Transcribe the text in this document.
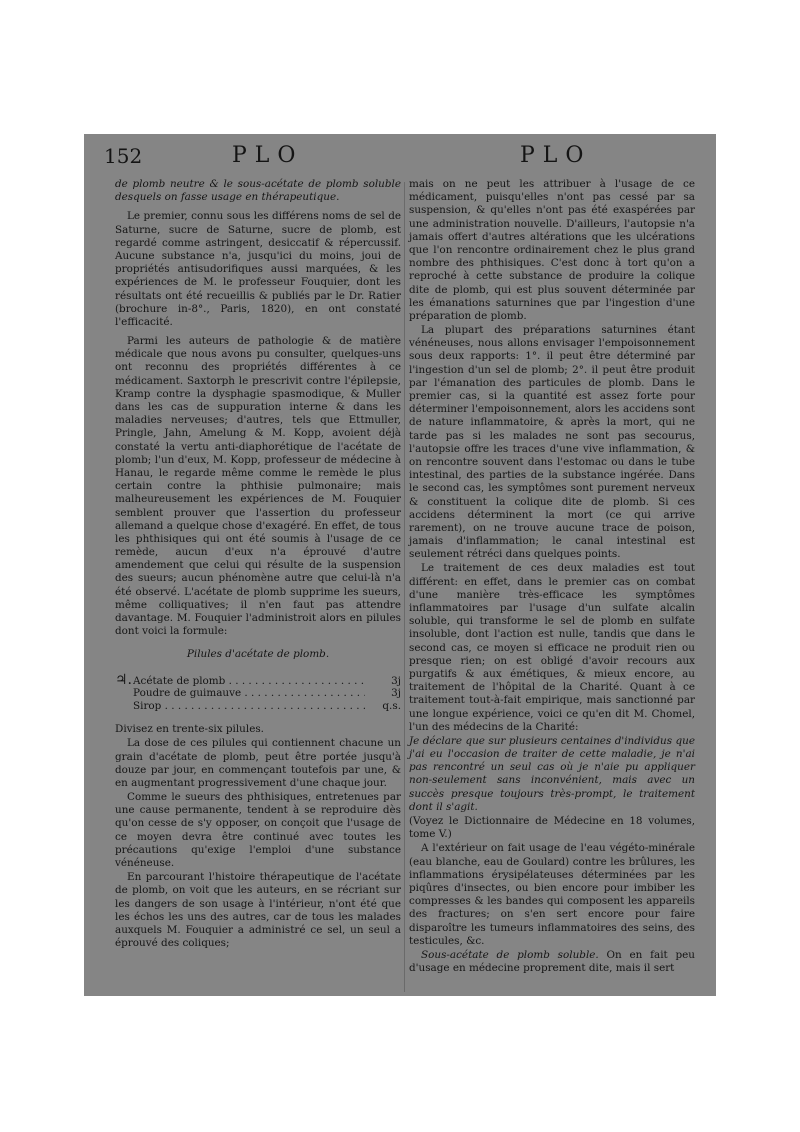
152	PLO	PLO

de plomb neutre & le sous-acétate de plomb soluble desquels on fasse usage en thérapeutique.

Le premier, connu sous les différens noms de sel de Saturne, sucre de Saturne, sucre de plomb, est regardé comme astringent, desiccatif & répercussif. Aucune substance n'a, jusqu'ici du moins, joui de propriétés antisudorifiques aussi marquées, & les expériences de M. le professeur Fouquier, dont les résultats ont été recueillis & publiés par le Dr. Ratier (brochure in-8°., Paris, 1820), en ont constaté l'efficacité.

Parmi les auteurs de pathologie & de matière médicale que nous avons pu consulter, quelques-uns ont reconnu des propriétés différentes à ce médicament. Saxtorph le prescrivit contre l'épilepsie, Kramp contre la dysphagie spasmodique, & Muller dans les cas de suppuration interne & dans les maladies nerveuses; d'autres, tels que Ettmuller, Pringle, Jahn, Amelung & M. Kopp, avoient déjà constaté la vertu anti-diaphorétique de l'acétate de plomb; l'un d'eux, M. Kopp, professeur de médecine à Hanau, le regarde même comme le remède le plus certain contre la phthisie pulmonaire; mais malheureusement les expériences de M. Fouquier semblent prouver que l'assertion du professeur allemand a quelque chose d'exagéré. En effet, de tous les phthisiques qui ont été soumis à l'usage de ce remède, aucun d'eux n'a éprouvé d'autre amendement que celui qui résulte de la suspension des sueurs; aucun phénomène autre que celui-là n'a été observé. L'acétate de plomb supprime les sueurs, même colliquatives; il n'en faut pas attendre davantage. M. Fouquier l'administroit alors en pilules dont voici la formule:

Pilules d'acétate de plomb.

♃. Acétate de plomb . . .	3j
Poudre de guimauve . . .	3j
Sirop . . .	q.s.

Divisez en trente-six pilules.

La dose de ces pilules qui contiennent chacune un grain d'acétate de plomb, peut être portée jusqu'à douze par jour, en commençant toutefois par une, & en augmentant progressivement d'une chaque jour.

Comme le sueurs des phthisiques, entretenues par une cause permanente, tendent à se reproduire dès qu'on cesse de s'y opposer, on conçoit que l'usage de ce moyen devra être continué avec toutes les précautions qu'exige l'emploi d'une substance vénéneuse.

En parcourant l'histoire thérapeutique de l'acétate de plomb, on voit que les auteurs, en se récriant sur les dangers de son usage à l'intérieur, n'ont été que les échos les uns des autres, car de tous les malades auxquels M. Fouquier a administré ce sel, un seul a éprouvé des coliques;

mais on ne peut les attribuer à l'usage de ce médicament, puisqu'elles n'ont pas cessé par sa suspension, & qu'elles n'ont pas été exaspérées par une administration nouvelle. D'ailleurs, l'autopsie n'a jamais offert d'autres altérations que les ulcérations que l'on rencontre ordinairement chez le plus grand nombre des phthisiques. C'est donc à tort qu'on a reproché à cette substance de produire la colique dite de plomb, qui est plus souvent déterminée par les émanations saturnines que par l'ingestion d'une préparation de plomb.

La plupart des préparations saturnines étant vénéneuses, nous allons envisager l'empoisonnement sous deux rapports: 1°. il peut être déterminé par l'ingestion d'un sel de plomb; 2°. il peut être produit par l'émanation des particules de plomb. Dans le premier cas, si la quantité est assez forte pour déterminer l'empoisonnement, alors les accidens sont de nature inflammatoire, & après la mort, qui ne tarde pas si les malades ne sont pas secourus, l'autopsie offre les traces d'une vive inflammation, & on rencontre souvent dans l'estomac ou dans le tube intestinal, des parties de la substance ingérée. Dans le second cas, les symptômes sont purement nerveux & constituent la colique dite de plomb. Si ces accidens déterminent la mort (ce qui arrive rarement), on ne trouve aucune trace de poison, jamais d'inflammation; le canal intestinal est seulement rétréci dans quelques points.

Le traitement de ces deux maladies est tout différent: en effet, dans le premier cas on combat d'une manière très-efficace les symptômes inflammatoires par l'usage d'un sulfate alcalin soluble, qui transforme le sel de plomb en sulfate insoluble, dont l'action est nulle, tandis que dans le second cas, ce moyen si efficace ne produit rien ou presque rien; on est obligé d'avoir recours aux purgatifs & aux émétiques, & mieux encore, au traitement de l'hôpital de la Charité. Quant à ce traitement tout-à-fait empirique, mais sanctionné par une longue expérience, voici ce qu'en dit M. Chomel, l'un des médecins de la Charité:

Je déclare que sur plusieurs centaines d'individus que j'ai eu l'occasion de traiter de cette maladie, je n'ai pas rencontré un seul cas où je n'aie pu appliquer non-seulement sans inconvénient, mais avec un succès presque toujours très-prompt, le traitement dont il s'agit.

(Voyez le Dictionnaire de Médecine en 18 volumes, tome V.)

A l'extérieur on fait usage de l'eau végéto-minérale (eau blanche, eau de Goulard) contre les brûlures, les inflammations érysipélateuses déterminées par les piqûres d'insectes, ou bien encore pour imbiber les compresses & les bandes qui composent les appareils des fractures; on s'en sert encore pour faire disparoître les tumeurs inflammatoires des seins, des testicules, &c.

Sous-acétate de plomb soluble. On en fait peu d'usage en médecine proprement dite, mais il sert
